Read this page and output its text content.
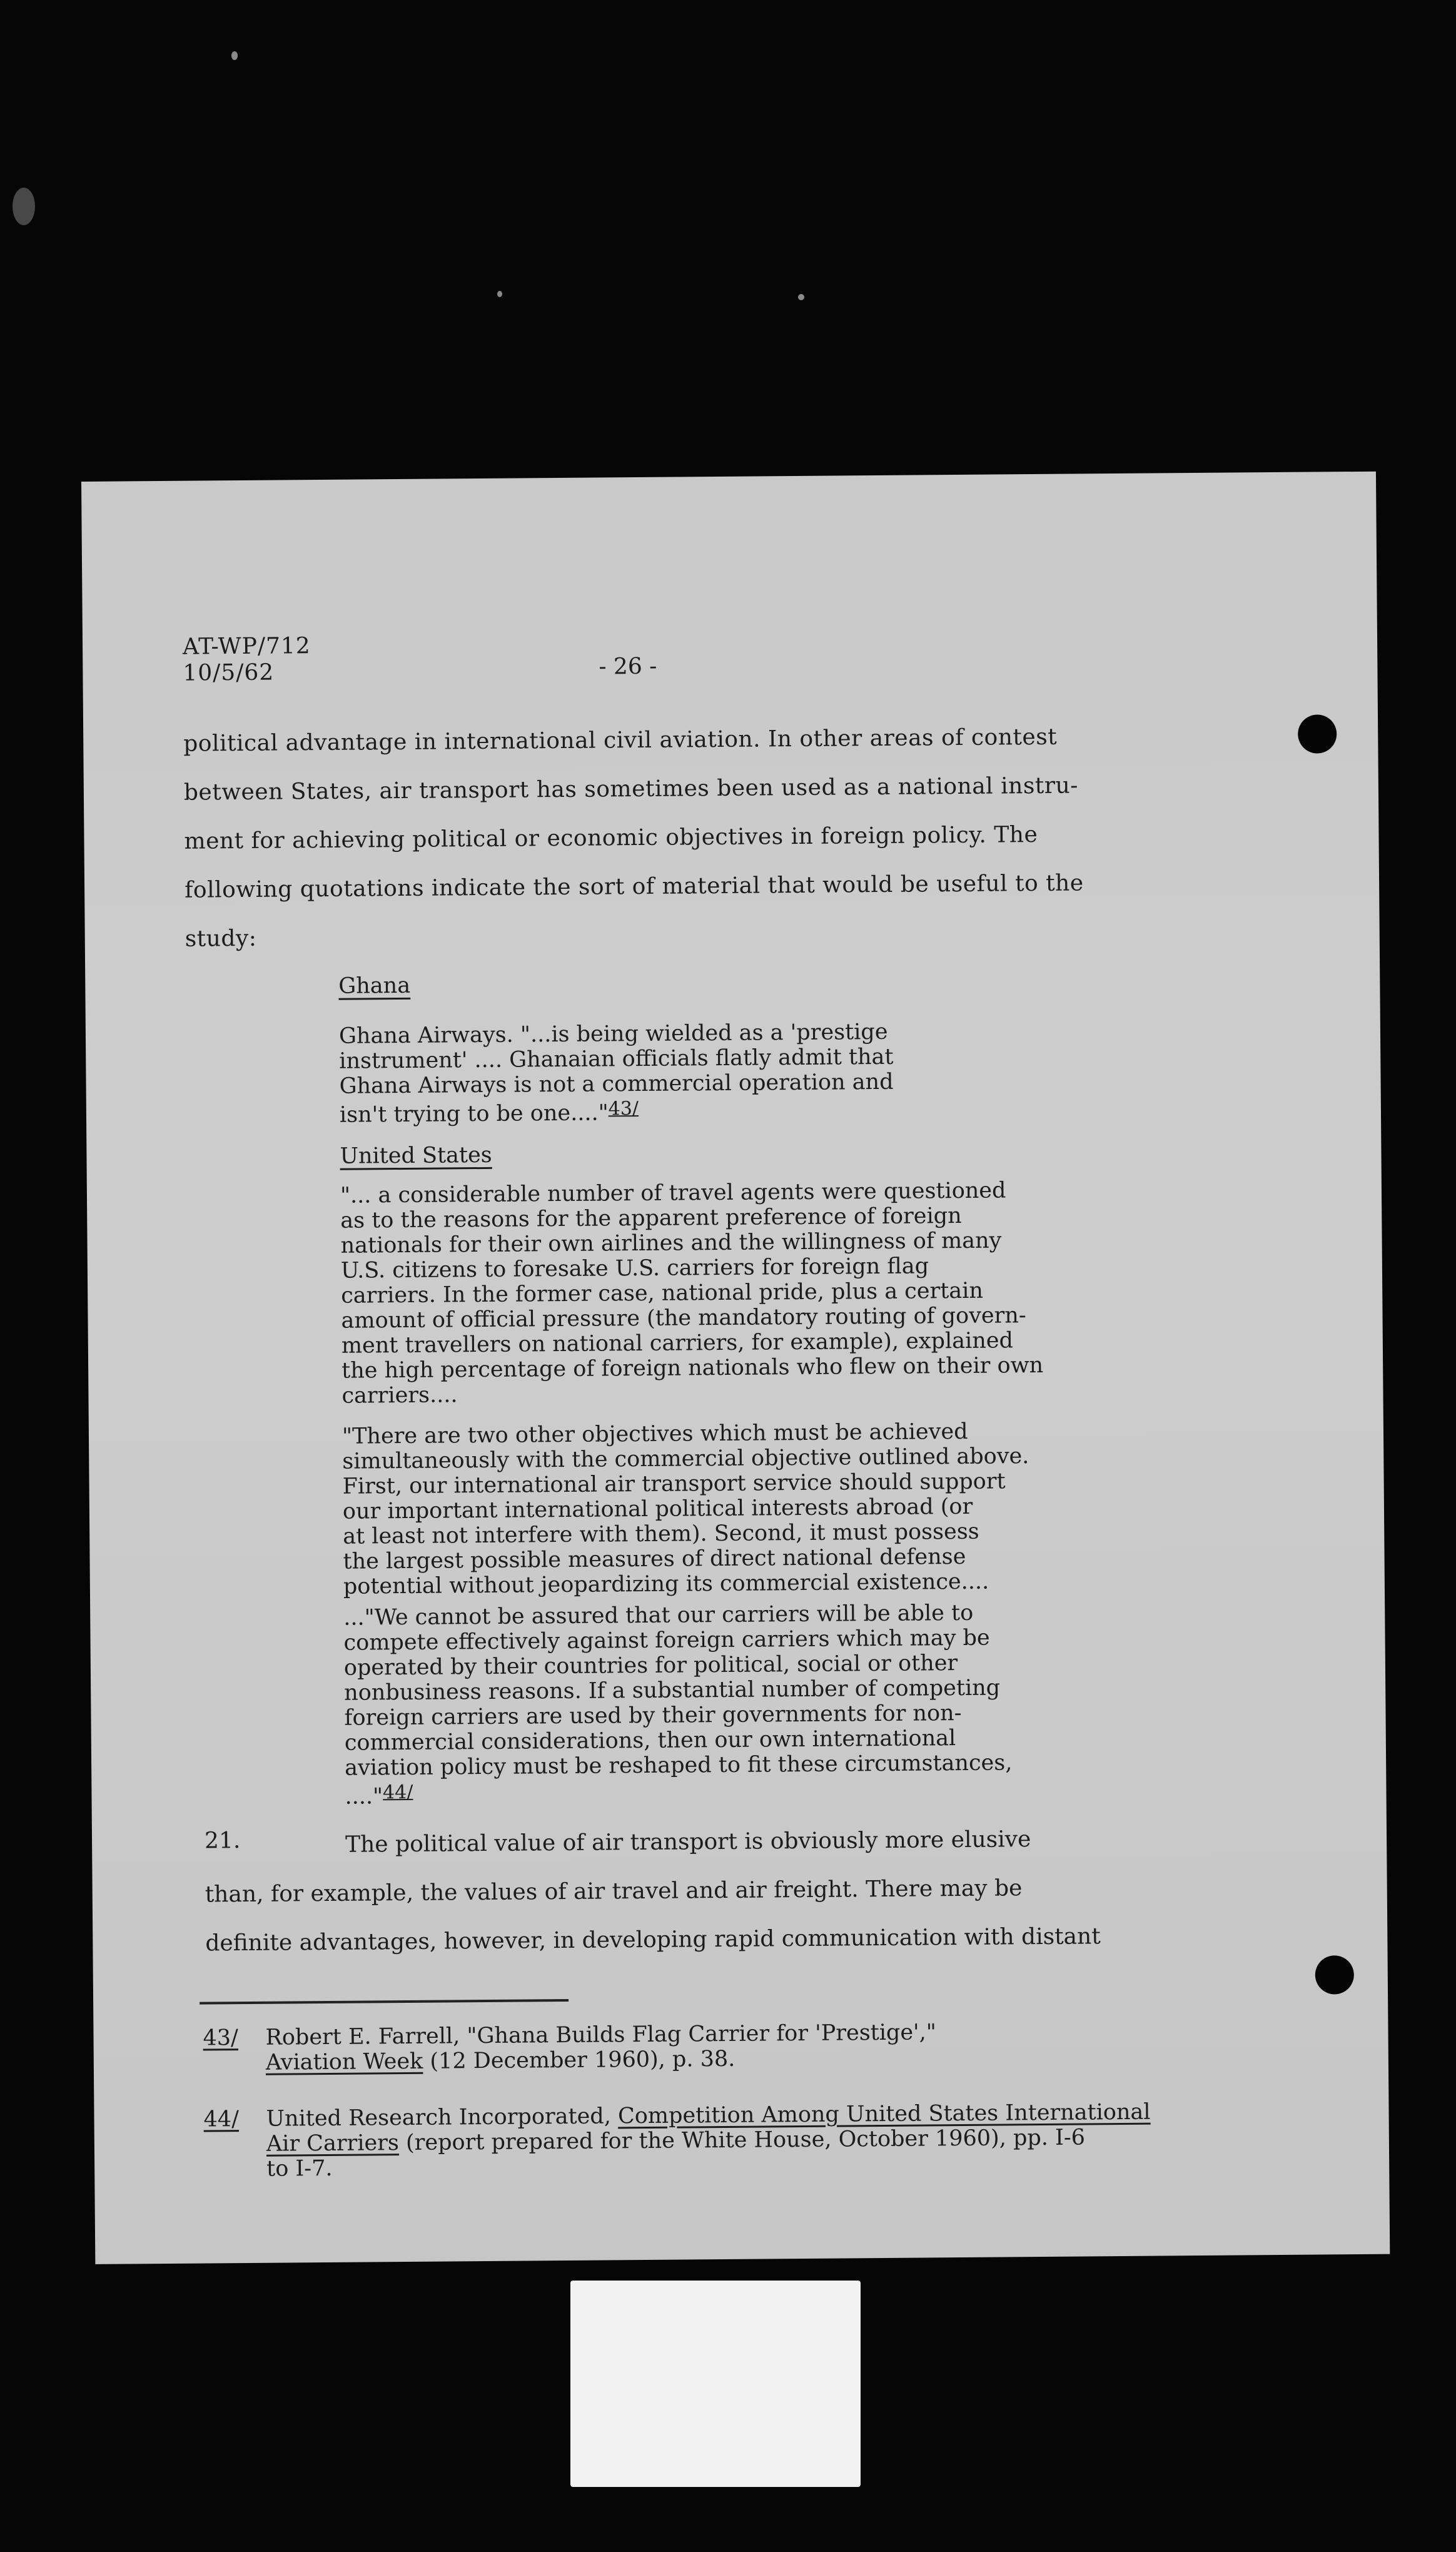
AT-WP/712
10/5/62	- 26 -
political advantage in international civil aviation. In other areas of contest
between States, air transport has sometimes been used as a national instru-
ment for achieving political or economic objectives in foreign policy. The
following quotations indicate the sort of material that would be useful to the
study:
Ghana
Ghana Airways. "...is being wielded as a 'prestige
instrument' .... Ghanaian officials flatly admit that
Ghana Airways is not a commercial operation and
isn't trying to be one...."43/
United States
"... a considerable number of travel agents were questioned
as to the reasons for the apparent preference of foreign
nationals for their own airlines and the willingness of many
U.S. citizens to foresake U.S. carriers for foreign flag
carriers. In the former case, national pride, plus a certain
amount of official pressure (the mandatory routing of govern-
ment travellers on national carriers, for example), explained
the high percentage of foreign nationals who flew on their own
carriers....
"There are two other objectives which must be achieved
simultaneously with the commercial objective outlined above.
First, our international air transport service should support
our important international political interests abroad (or
at least not interfere with them). Second, it must possess
the largest possible measures of direct national defense
potential without jeopardizing its commercial existence....
..."We cannot be assured that our carriers will be able to
compete effectively against foreign carriers which may be
operated by their countries for political, social or other
nonbusiness reasons. If a substantial number of competing
foreign carriers are used by their governments for non-
commercial considerations, then our own international
aviation policy must be reshaped to fit these circumstances,
...."44/
21.	The political value of air transport is obviously more elusive
than, for example, the values of air travel and air freight. There may be
definite advantages, however, in developing rapid communication with distant
43/ Robert E. Farrell, "Ghana Builds Flag Carrier for 'Prestige',"
Aviation Week (12 December 1960), p. 38.
44/ United Research Incorporated, Competition Among United States International
Air Carriers (report prepared for the White House, October 1960), pp. I-6
to I-7.
